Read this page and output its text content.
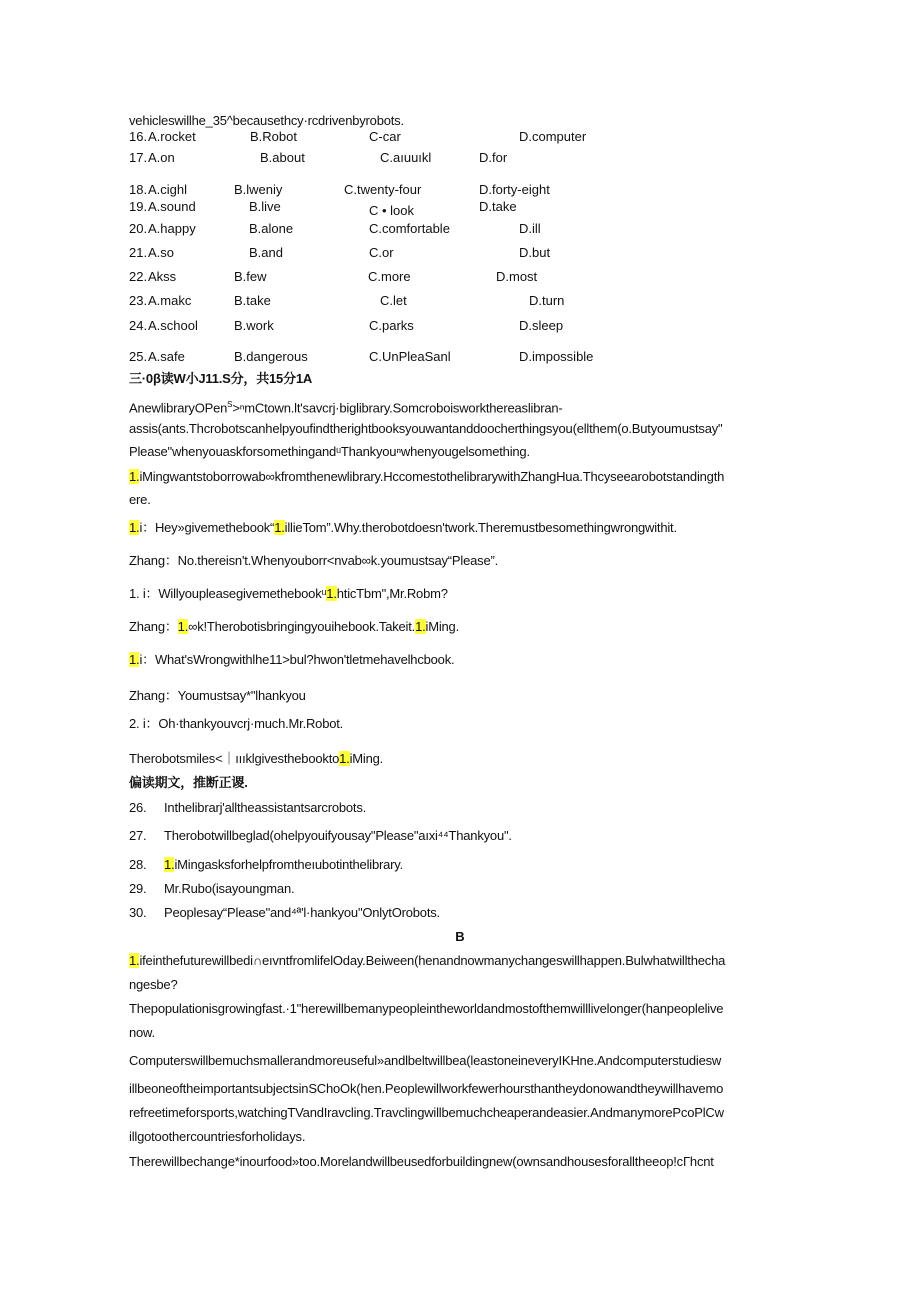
vehicleswillhe_35^becausethcy·rcdrivenbyrobots.
16. A.rocket	B.Robot	C-car	D.computer
17. A.on	B.about	C.aıuuıkl	D.for
18. A.cighl	B.lweniy	C.twenty-four	D.forty-eight
19. A.sound	B.live	C • look	D.take
20. A.happy	B.alone	C.comfortable	D.ill
21. A.so	B.and	C.or	D.but
22. Akss	B.few	C.more	D.most
23. A.makc	B.take	C.let	D.turn
24. A.school	B.work	C.parks	D.sleep
25. A.safe	B.dangerous	C.UnPleaSanl	D.impossible
三·0β读W小J11.S分，共15分1A
AnewlibraryOPen$^S$>ⁿmCtown.lt'savcrj·biglibrary.Somcroboisworkthereaslibran-
assis(ants.Thcrobotscanhelpyoufindtherightbooksyouwantanddoocherthingsyou(ellthem(o.Butyoumustsay"
Please"whenyouaskforsomethingandᵘThankyouⁿwhenyougelsomething.
1.iMingwantstoborrowab∞kfromthenewlibrary.HccomestothelibrarywithZhangHua.Thcyseearobotstandingth
ere.
1.i：Hey»givemethebook“1.illieTom”.Why.therobotdoesn'twork.Theremustbesomethingwrongwithit.
Zhang：No.thereisn't.Whenyouborr<nvab∞k.youmustsay“Please”.
1. i：Willyoupleasegivemethebookᵘ1.hticTbm",Mr.Robm?
Zhang：1.∞k!Therobotisbringingyouihebook.Takeit.1.iMing.
1.i：What'sWrongwithlhe11>bul?hwon'tletmehavelhcbook.
Zhang：Youmustsay*"lhankyou
2. i：Oh·thankyouvcrj·much.Mr.Robot.
Therobotsmiles<｜ıııklgivesthebookto1.iMing.
偏读期文，推断正谡.
26. Inthelibrarj'alltheassistantsarcrobots.
27. Therobotwillbeglad(ohelpyouifyousay"Please"aıxi⁴⁴Thankyou".
28. 1.iMingasksforhelpfromtheıubotinthelibrary.
29. Mr.Rubo(isayoungman.
30. Peoplesay“Please"and⁴ª'l·hankyou"OnlytOrobots.
B
1.ifeinthefuturewillbedi∩eıvntfromlifelOday.Beiween(henandnowmanychangeswillhappen.Bulwhatwillthecha
ngesbe?
Thepopulationisgrowingfast.·1"herewillbemanypeopleintheworldandmostofthemwilllivelonger(hanpeoplelive
now.
Computerswillbemuchsmallerandmoreuseful»andlbeltwillbea(leastoneineveryIKHne.Andcomputerstudiesw
illbeoneoftheimportantsubjectsinSChoOk(hen.Peoplewillworkfewerhoursthantheydonowandtheywillhavemo
refreetimeforsports,watchingTVandIravcling.Travclingwillbemuchcheaperandeasier.AndmanymorePcoPlCw
illgotoothercountriesforholidays.
Therewillbechange*inourfood»too.Morelandwillbeusedforbuildingnew(ownsandhousesforalltheeop!cΓhcnt
